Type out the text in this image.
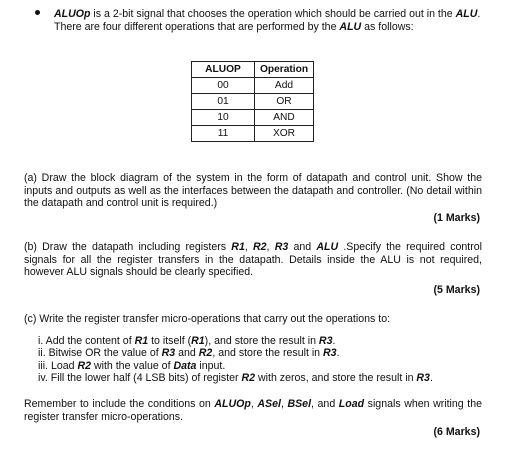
ALUOp is a 2-bit signal that chooses the operation which should be carried out in the ALU.
There are four different operations that are performed by the ALU as follows:
ALUOP	Operation
00	Add
01	OR
10	AND
11	XOR
(a) Draw the block diagram of the system in the form of datapath and control unit. Show the inputs and outputs as well as the interfaces between the datapath and controller. (No detail within the datapath and control unit is required.)
(1 Marks)
(b) Draw the datapath including registers R1, R2, R3 and ALU .Specify the required control signals for all the register transfers in the datapath. Details inside the ALU is not required, however ALU signals should be clearly specified.
(5 Marks)
(c) Write the register transfer micro-operations that carry out the operations to:
i. Add the content of R1 to itself (R1), and store the result in R3.
ii. Bitwise OR the value of R3 and R2, and store the result in R3.
iii. Load R2 with the value of Data input.
iv. Fill the lower half (4 LSB bits) of register R2 with zeros, and store the result in R3.
Remember to include the conditions on ALUOp, ASel, BSel, and Load signals when writing the register transfer micro-operations.
(6 Marks)
